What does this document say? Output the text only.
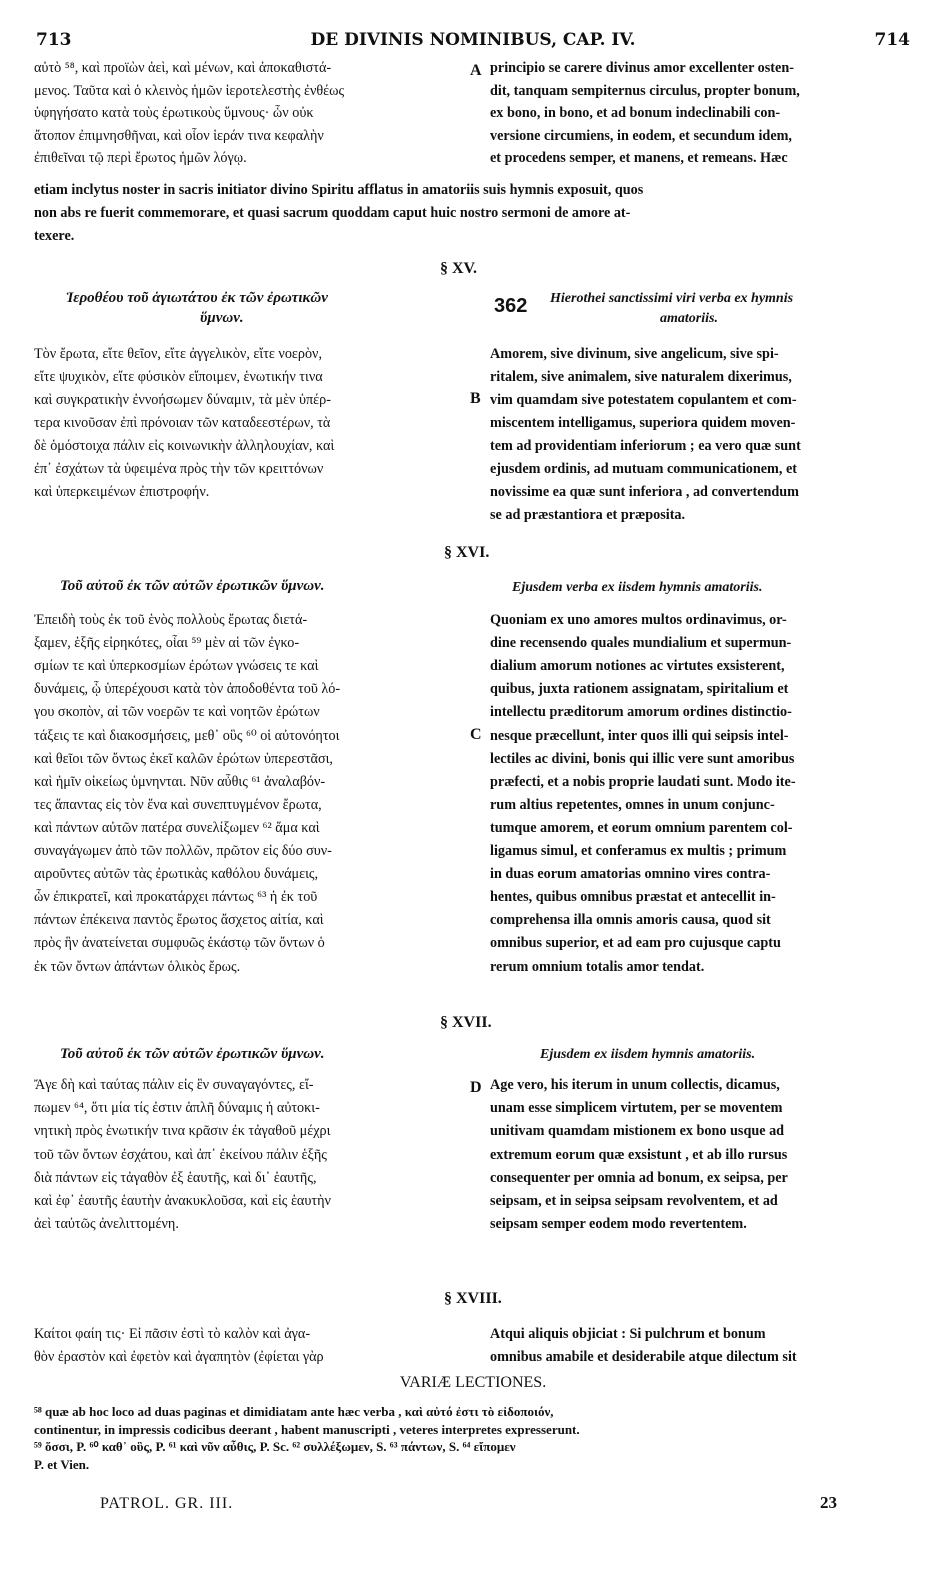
713	DE DIVINIS NOMINIBUS, CAP. IV.	714
αὐτὸ ⁵⁸, καὶ προϊὼν ἀεὶ, καὶ μένων, καὶ ἀποκαθιστά-
μενος. Ταῦτα καὶ ὁ κλεινὸς ἡμῶν ἱεροτελεστὴς ἐνθέως
ὑφηγήσατο κατὰ τοὺς ἐρωτικοὺς ὕμνους· ὧν οὐκ
ἄτοπον ἐπιμνησθῆναι, καὶ οἷον ἱεράν τινα κεφαλὴν
ἐπιθεῖναι τῷ περὶ ἔρωτος ἡμῶν λόγῳ.
principio se carere divinus amor excellenter osten-
dit, tanquam sempiternus circulus, propter bonum,
ex bono, in bono, et ad bonum indeclinabili con-
versione circumiens, in eodem, et secundum idem,
et procedens semper, et manens, et remeans. Hæc
etiam inclytus noster in sacris initiator divino Spiritu afflatus in amatoriis suis hymnis exposuit, quos
non abs re fuerit commemorare, et quasi sacrum quoddam caput huic nostro sermoni de amore at-
texere.
A
§ XV.
Ἱεροθέου τοῦ ἁγιωτάτου ἐκ τῶν ἐρωτικῶν
ὕμνων.
362 Hierothei sanctissimi viri verba ex hymnis
amatoriis.
Τὸν ἔρωτα, εἴτε θεῖον, εἴτε ἀγγελικὸν, εἴτε νοερὸν,
εἴτε ψυχικὸν, εἴτε φύσικὸν εἴποιμεν, ἑνωτικήν τινα
καὶ συγκρατικὴν ἐννοήσωμεν δύναμιν, τὰ μὲν ὑπέρ-
τερα κινοῦσαν ἐπὶ πρόνοιαν τῶν καταδεεστέρων, τὰ
δὲ ὁμόστοιχα πάλιν εἰς κοινωνικὴν ἀλληλουχίαν, καὶ
ἐπ᾽ ἐσχάτων τὰ ὑφειμένα πρὸς τὴν τῶν κρειττόνων
καὶ ὑπερκειμένων ἐπιστροφήν.
Amorem, sive divinum, sive angelicum, sive spi-
ritalem, sive animalem, sive naturalem dixerimus,
vim quamdam sive potestatem copulantem et com-
miscentem intelligamus, superiora quidem moven-
tem ad providentiam inferiorum ; ea vero quæ sunt
ejusdem ordinis, ad mutuam communicationem, et
novissime ea quæ sunt inferiora , ad convertendum
se ad præstantiora et præposita.
B
§ XVI.
Τοῦ αὐτοῦ ἐκ τῶν αὐτῶν ἐρωτικῶν ὕμνων.	Ejusdem verba ex iisdem hymnis amatoriis.
Ἐπειδὴ τοὺς ἐκ τοῦ ἑνὸς πολλοὺς ἔρωτας διετά-
ξαμεν, ἑξῆς εἰρηκότες, οἷαι ⁵⁹ μὲν αἱ τῶν ἐγκο-
σμίων τε καὶ ὑπερκοσμίων ἐρώτων γνώσεις τε καὶ
δυνάμεις, ᾧ ὑπερέχουσι κατὰ τὸν ἀποδοθέντα τοῦ λό-
γου σκοπὸν, αἱ τῶν νοερῶν τε καὶ νοητῶν ἐρώτων
τάξεις τε καὶ διακοσμήσεις, μεθ᾽ οὓς ⁶⁰ οἱ αὐτονόητοι
καὶ θεῖοι τῶν ὄντως ἐκεῖ καλῶν ἐρώτων ὑπερεστᾶσι,
καὶ ἡμῖν οἰκείως ὑμνηνται. Νῦν αὖθις ⁶¹ ἀναλαβόν-
τες ἅπαντας εἰς τὸν ἕνα καὶ συνεπτυγμένον ἔρωτα,
καὶ πάντων αὐτῶν πατέρα συνελίξωμεν ⁶² ἅμα καὶ
συναγάγωμεν ἀπὸ τῶν πολλῶν, πρῶτον εἰς δύο συν-
αιροῦντες αὐτῶν τὰς ἐρωτικὰς καθόλου δυνάμεις,
ὧν ἐπικρατεῖ, καὶ προκατάρχει πάντως ⁶³ ἡ ἐκ τοῦ
πάντων ἐπέκεινα παντὸς ἔρωτος ἄσχετος αἰτία, καὶ
πρὸς ἣν ἀνατείνεται συμφυῶς ἑκάστῳ τῶν ὄντων ὁ
ἐκ τῶν ὄντων ἁπάντων ὁλικὸς ἔρως.
Quoniam ex uno amores multos ordinavimus, or-
dine recensendo quales mundialium et supermun-
dialium amorum notiones ac virtutes exsisterent,
quibus, juxta rationem assignatam, spiritalium et
intellectu præditorum amorum ordines distinctio-
nesque præcellunt, inter quos illi qui seipsis intel-
lectiles ac divini, bonis qui illic vere sunt amoribus
præfecti, et a nobis proprie laudati sunt. Modo ite-
rum altius repetentes, omnes in unum conjunc-
tumque amorem, et eorum omnium parentem col-
ligamus simul, et conferamus ex multis ; primum
in duas eorum amatorias omnino vires contra-
hentes, quibus omnibus præstat et antecellit in-
comprehensa illa omnis amoris causa, quod sit
omnibus superior, et ad eam pro cujusque captu
rerum omnium totalis amor tendat.
C
§ XVII.
Τοῦ αὐτοῦ ἐκ τῶν αὐτῶν ἐρωτικῶν ὕμνων.	Ejusdem ex iisdem hymnis amatoriis.
Ἄγε δὴ καὶ ταύτας πάλιν εἰς ἓν συναγαγόντες, εἴ-
πωμεν ⁶⁴, ὅτι μία τίς ἐστιν ἁπλῆ δύναμις ἡ αὐτοκι-
νητικὴ πρὸς ἑνωτικήν τινα κρᾶσιν ἐκ τἀγαθοῦ μέχρι
τοῦ τῶν ὄντων ἐσχάτου, καὶ ἀπ᾽ ἐκείνου πάλιν ἑξῆς
διὰ πάντων εἰς τἀγαθὸν ἐξ ἑαυτῆς, καὶ δι᾽ ἑαυτῆς,
καὶ ἐφ᾽ ἑαυτῆς ἑαυτὴν ἀνακυκλοῦσα, καὶ εἰς ἑαυτὴν
ἀεὶ ταὐτῶς ἀνελιττομένη.
Age vero, his iterum in unum collectis, dicamus,
unam esse simplicem virtutem, per se moventem
unitivam quamdam mistionem ex bono usque ad
extremum eorum quæ exsistunt , et ab illo rursus
consequenter per omnia ad bonum, ex seipsa, per
seipsam, et in seipsa seipsam revolventem, et ad
seipsam semper eodem modo revertentem.
D
§ XVIII.
Καίτοι φαίη τις· Εἰ πᾶσιν ἐστὶ τὸ καλὸν καὶ ἀγα-
θὸν ἐραστὸν καὶ ἐφετὸν καὶ ἀγαπητὸν (ἐφίεται γὰρ
Atqui aliquis objiciat : Si pulchrum et bonum
omnibus amabile et desiderabile atque dilectum sit
VARIÆ LECTIONES.
⁵⁸ quæ ab hoc loco ad duas paginas et dimidiatam ante hæc verba , καὶ αὐτό ἐστι τὸ εἰδοποιόν,
continentur, in impressis codicibus deerant , habent manuscripti , veteres interpretes expresserunt.
⁵⁹ ὅσσι, P. ⁶⁰ καθ᾽ οὓς, P. ⁶¹ καὶ νῦν αὖθις, P. Sc. ⁶² συλλέξωμεν, S. ⁶³ πάντων, S. ⁶⁴ εἴπομεν
P. et Vien.
PATROL. GR. III.	23
